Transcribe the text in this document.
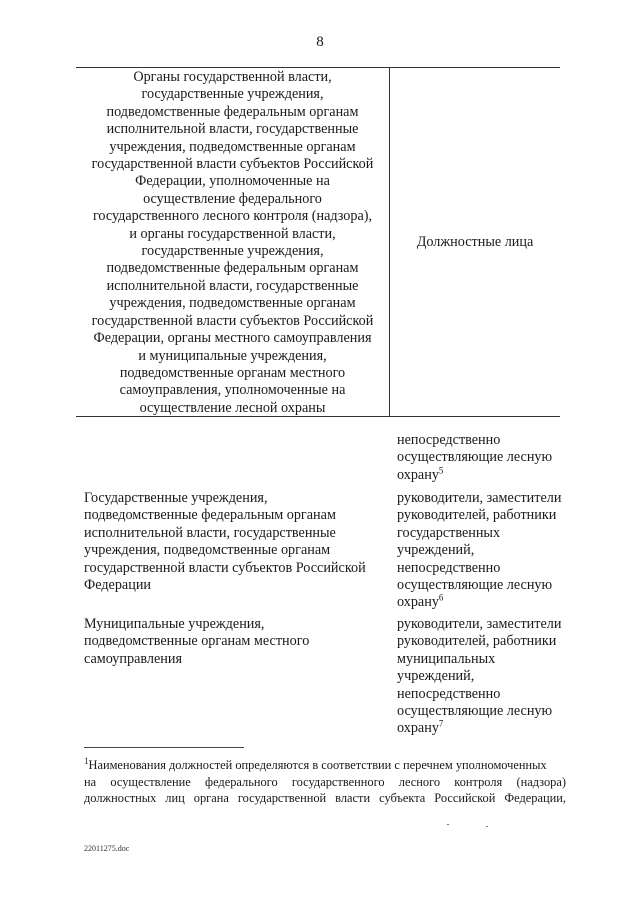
8
Органы государственной власти,
государственные учреждения,
подведомственные федеральным органам
исполнительной власти, государственные
учреждения, подведомственные органам
государственной власти субъектов Российской
Федерации, уполномоченные на
осуществление федерального
государственного лесного контроля (надзора),
и органы государственной власти,
государственные учреждения,
подведомственные федеральным органам
исполнительной власти, государственные
учреждения, подведомственные органам
государственной власти субъектов Российской
Федерации, органы местного самоуправления
и муниципальные учреждения,
подведомственные органам местного
самоуправления, уполномоченные на
осуществление лесной охраны
Должностные лица
непосредственно
осуществляющие лесную
охрану$^5$
Государственные учреждения,
подведомственные федеральным органам
исполнительной власти, государственные
учреждения, подведомственные органам
государственной власти субъектов Российской
Федерации
руководители, заместители
руководителей, работники
государственных
учреждений,
непосредственно
осуществляющие лесную
охрану$^6$
Муниципальные учреждения,
подведомственные органам местного
самоуправления
руководители, заместители
руководителей, работники
муниципальных
учреждений,
непосредственно
осуществляющие лесную
охрану$^7$
$^1$Наименования должностей определяются в соответствии с перечнем уполномоченных
на осуществление федерального государственного лесного контроля (надзора)
должностных лиц органа государственной власти субъекта Российской Федерации,
22011275.doc
